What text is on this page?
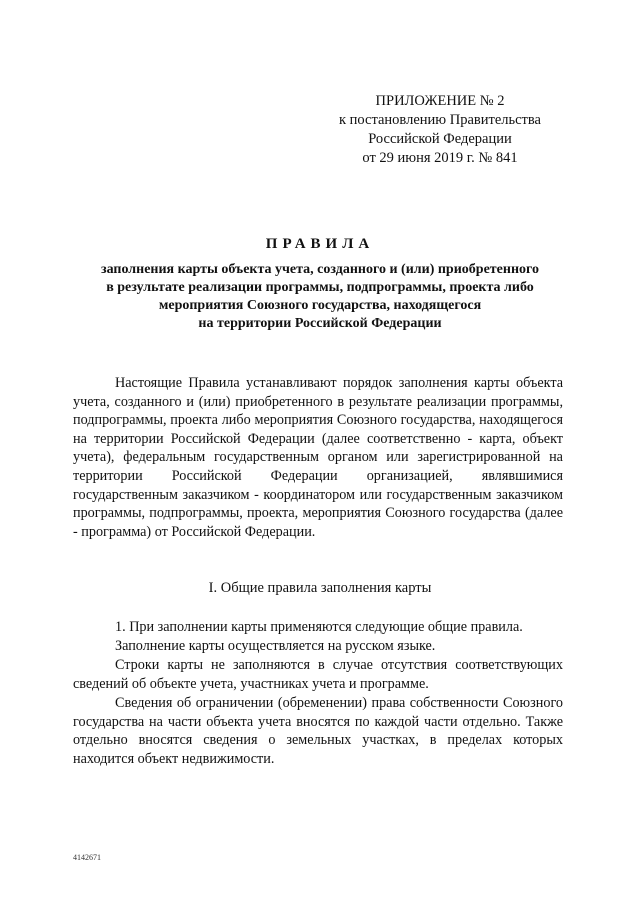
ПРИЛОЖЕНИЕ № 2
к постановлению Правительства
Российской Федерации
от 29 июня 2019 г. № 841
ПРАВИЛА
заполнения карты объекта учета, созданного и (или) приобретенного
в результате реализации программы, подпрограммы, проекта либо
мероприятия Союзного государства, находящегося
на территории Российской Федерации
Настоящие Правила устанавливают порядок заполнения карты объекта учета, созданного и (или) приобретенного в результате реализации программы, подпрограммы, проекта либо мероприятия Союзного государства, находящегося на территории Российской Федерации (далее соответственно - карта, объект учета), федеральным государственным органом или зарегистрированной на территории Российской Федерации организацией, являвшимися государственным заказчиком - координатором или государственным заказчиком программы, подпрограммы, проекта, мероприятия Союзного государства (далее - программа) от Российской Федерации.
I. Общие правила заполнения карты
1. При заполнении карты применяются следующие общие правила.
Заполнение карты осуществляется на русском языке.
Строки карты не заполняются в случае отсутствия соответствующих сведений об объекте учета, участниках учета и программе.
Сведения об ограничении (обременении) права собственности Союзного государства на части объекта учета вносятся по каждой части отдельно. Также отдельно вносятся сведения о земельных участках, в пределах которых находится объект недвижимости.
4142671
